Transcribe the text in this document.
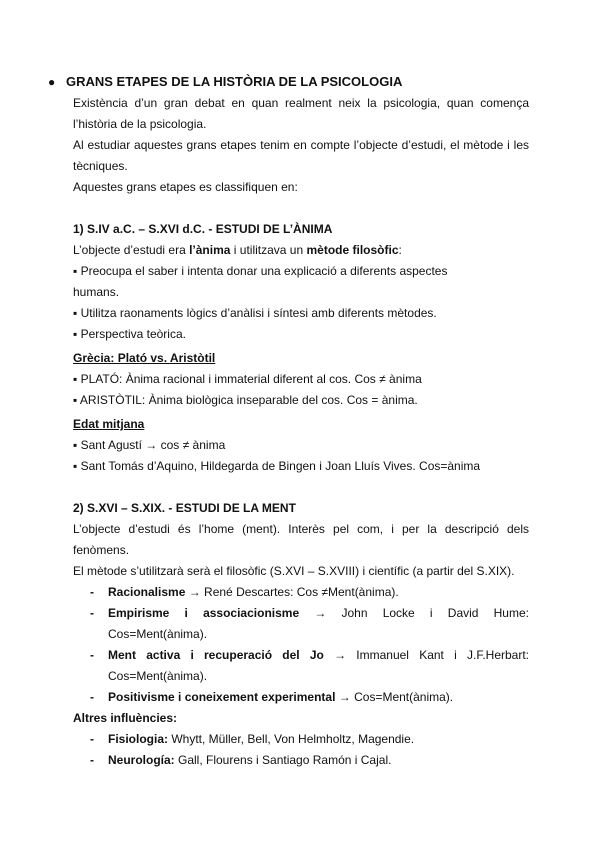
● GRANS ETAPES DE LA HISTÒRIA DE LA PSICOLOGIA
Existència d’un gran debat en quan realment neix la psicologia, quan comença l’història de la psicologia.
Al estudiar aquestes grans etapes tenim en compte l’objecte d’estudi, el mètode i les tècniques.
Aquestes grans etapes es classifiquen en:
1) S.IV a.C. – S.XVI d.C. - ESTUDI DE L’ÀNIMA
L’objecte d’estudi era l’ànima i utilitzava un mètode filosòfic:
▪ Preocupa el saber i intenta donar una explicació a diferents aspectes
humans.
▪ Utilitza raonaments lògics d’anàlisi i síntesi amb diferents mètodes.
▪ Perspectiva teòrica.
Grècia: Plató vs. Aristòtil
▪ PLATÓ: Ànima racional i immaterial diferent al cos. Cos ≠ ànima
▪ ARISTÒTIL: Ànima biològica inseparable del cos. Cos = ànima.
Edat mitjana
▪ Sant Agustí → cos ≠ ànima
▪ Sant Tomás d’Aquino, Hildegarda de Bingen i Joan Lluís Vives. Cos=ànima
2) S.XVI – S.XIX. - ESTUDI DE LA MENT
L’objecte d’estudi és l’home (ment). Interès pel com, i per la descripció dels fenòmens.
El mètode s’utilitzarà serà el filosòfic (S.XVI – S.XVIII) i científic (a partir del S.XIX).
- Racionalisme → René Descartes: Cos ≠Ment(ànima).
- Empirisme i associacionisme → John Locke i David Hume: Cos=Ment(ànima).
- Ment activa i recuperació del Jo → Immanuel Kant i J.F.Herbart: Cos=Ment(ànima).
- Positivisme i coneixement experimental → Cos=Ment(ànima).
Altres influències:
- Fisiologia: Whytt, Müller, Bell, Von Helmholtz, Magendie.
- Neurología: Gall, Flourens i Santiago Ramón i Cajal.
